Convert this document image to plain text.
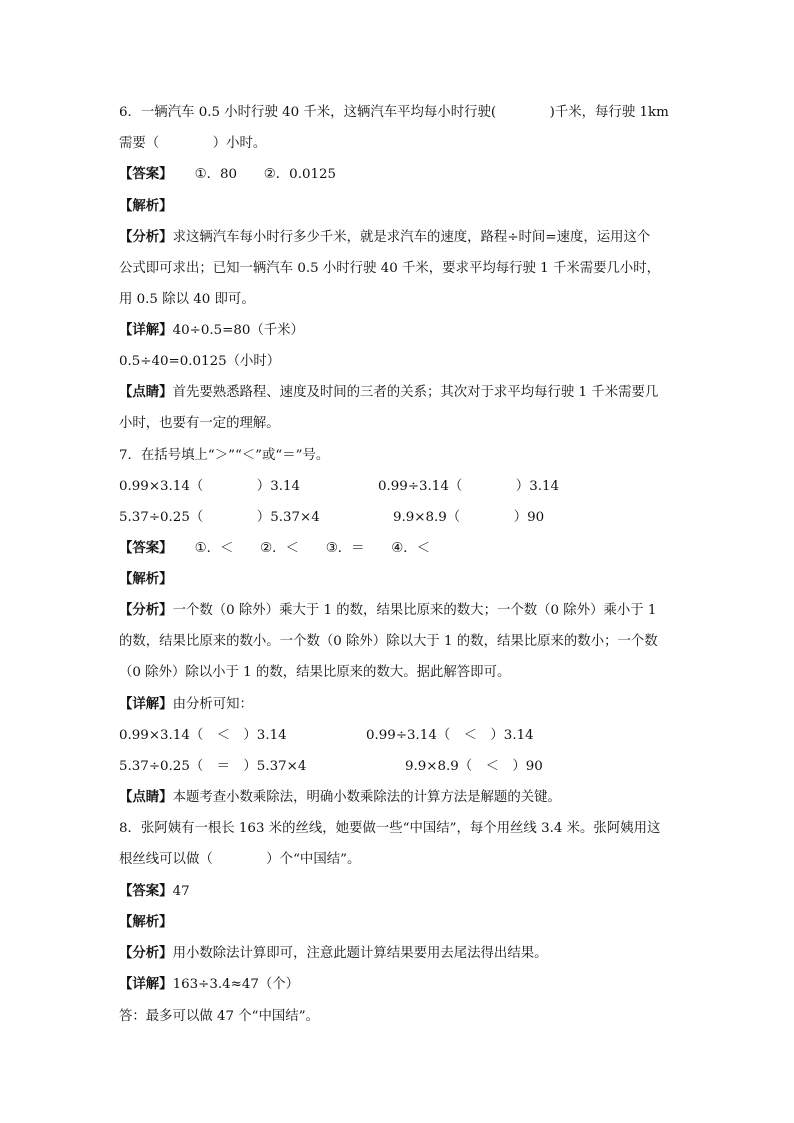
6．一辆汽车 0.5 小时行驶 40 千米，这辆汽车平均每小时行驶(　　　　)千米，每行驶 1km
需要（　　　　）小时。
【答案】 ①．80　　②．0.0125
【解析】
【分析】求这辆汽车每小时行多少千米，就是求汽车的速度，路程÷时间=速度，运用这个
公式即可求出；已知一辆汽车 0.5 小时行驶 40 千米，要求平均每行驶 1 千米需要几小时，
用 0.5 除以 40 即可。
【详解】40÷0.5=80（千米）
0.5÷40=0.0125（小时）
【点睛】首先要熟悉路程、速度及时间的三者的关系；其次对于求平均每行驶 1 千米需要几
小时，也要有一定的理解。
7．在括号填上“＞”“＜”或“＝”号。
0.99×3.14（　　　　）3.14	0.99÷3.14（　　　　）3.14
5.37÷0.25（　　　　）5.37×4	9.9×8.9（　　　　）90
【答案】 ①．＜　　②．＜　　③．＝　　④．＜
【解析】
【分析】一个数（0 除外）乘大于 1 的数，结果比原来的数大；一个数（0 除外）乘小于 1
的数，结果比原来的数小。一个数（0 除外）除以大于 1 的数，结果比原来的数小；一个数
（0 除外）除以小于 1 的数，结果比原来的数大。据此解答即可。
【详解】由分析可知：
0.99×3.14（　＜　）3.14	0.99÷3.14（　＜　）3.14
5.37÷0.25（　＝　）5.37×4	9.9×8.9（　＜　）90
【点睛】本题考查小数乘除法，明确小数乘除法的计算方法是解题的关键。
8．张阿姨有一根长 163 米的丝线，她要做一些“中国结”，每个用丝线 3.4 米。张阿姨用这
根丝线可以做（　　　　）个“中国结”。
【答案】47
【解析】
【分析】用小数除法计算即可，注意此题计算结果要用去尾法得出结果。
【详解】163÷3.4≈47（个）
答：最多可以做 47 个“中国结”。
